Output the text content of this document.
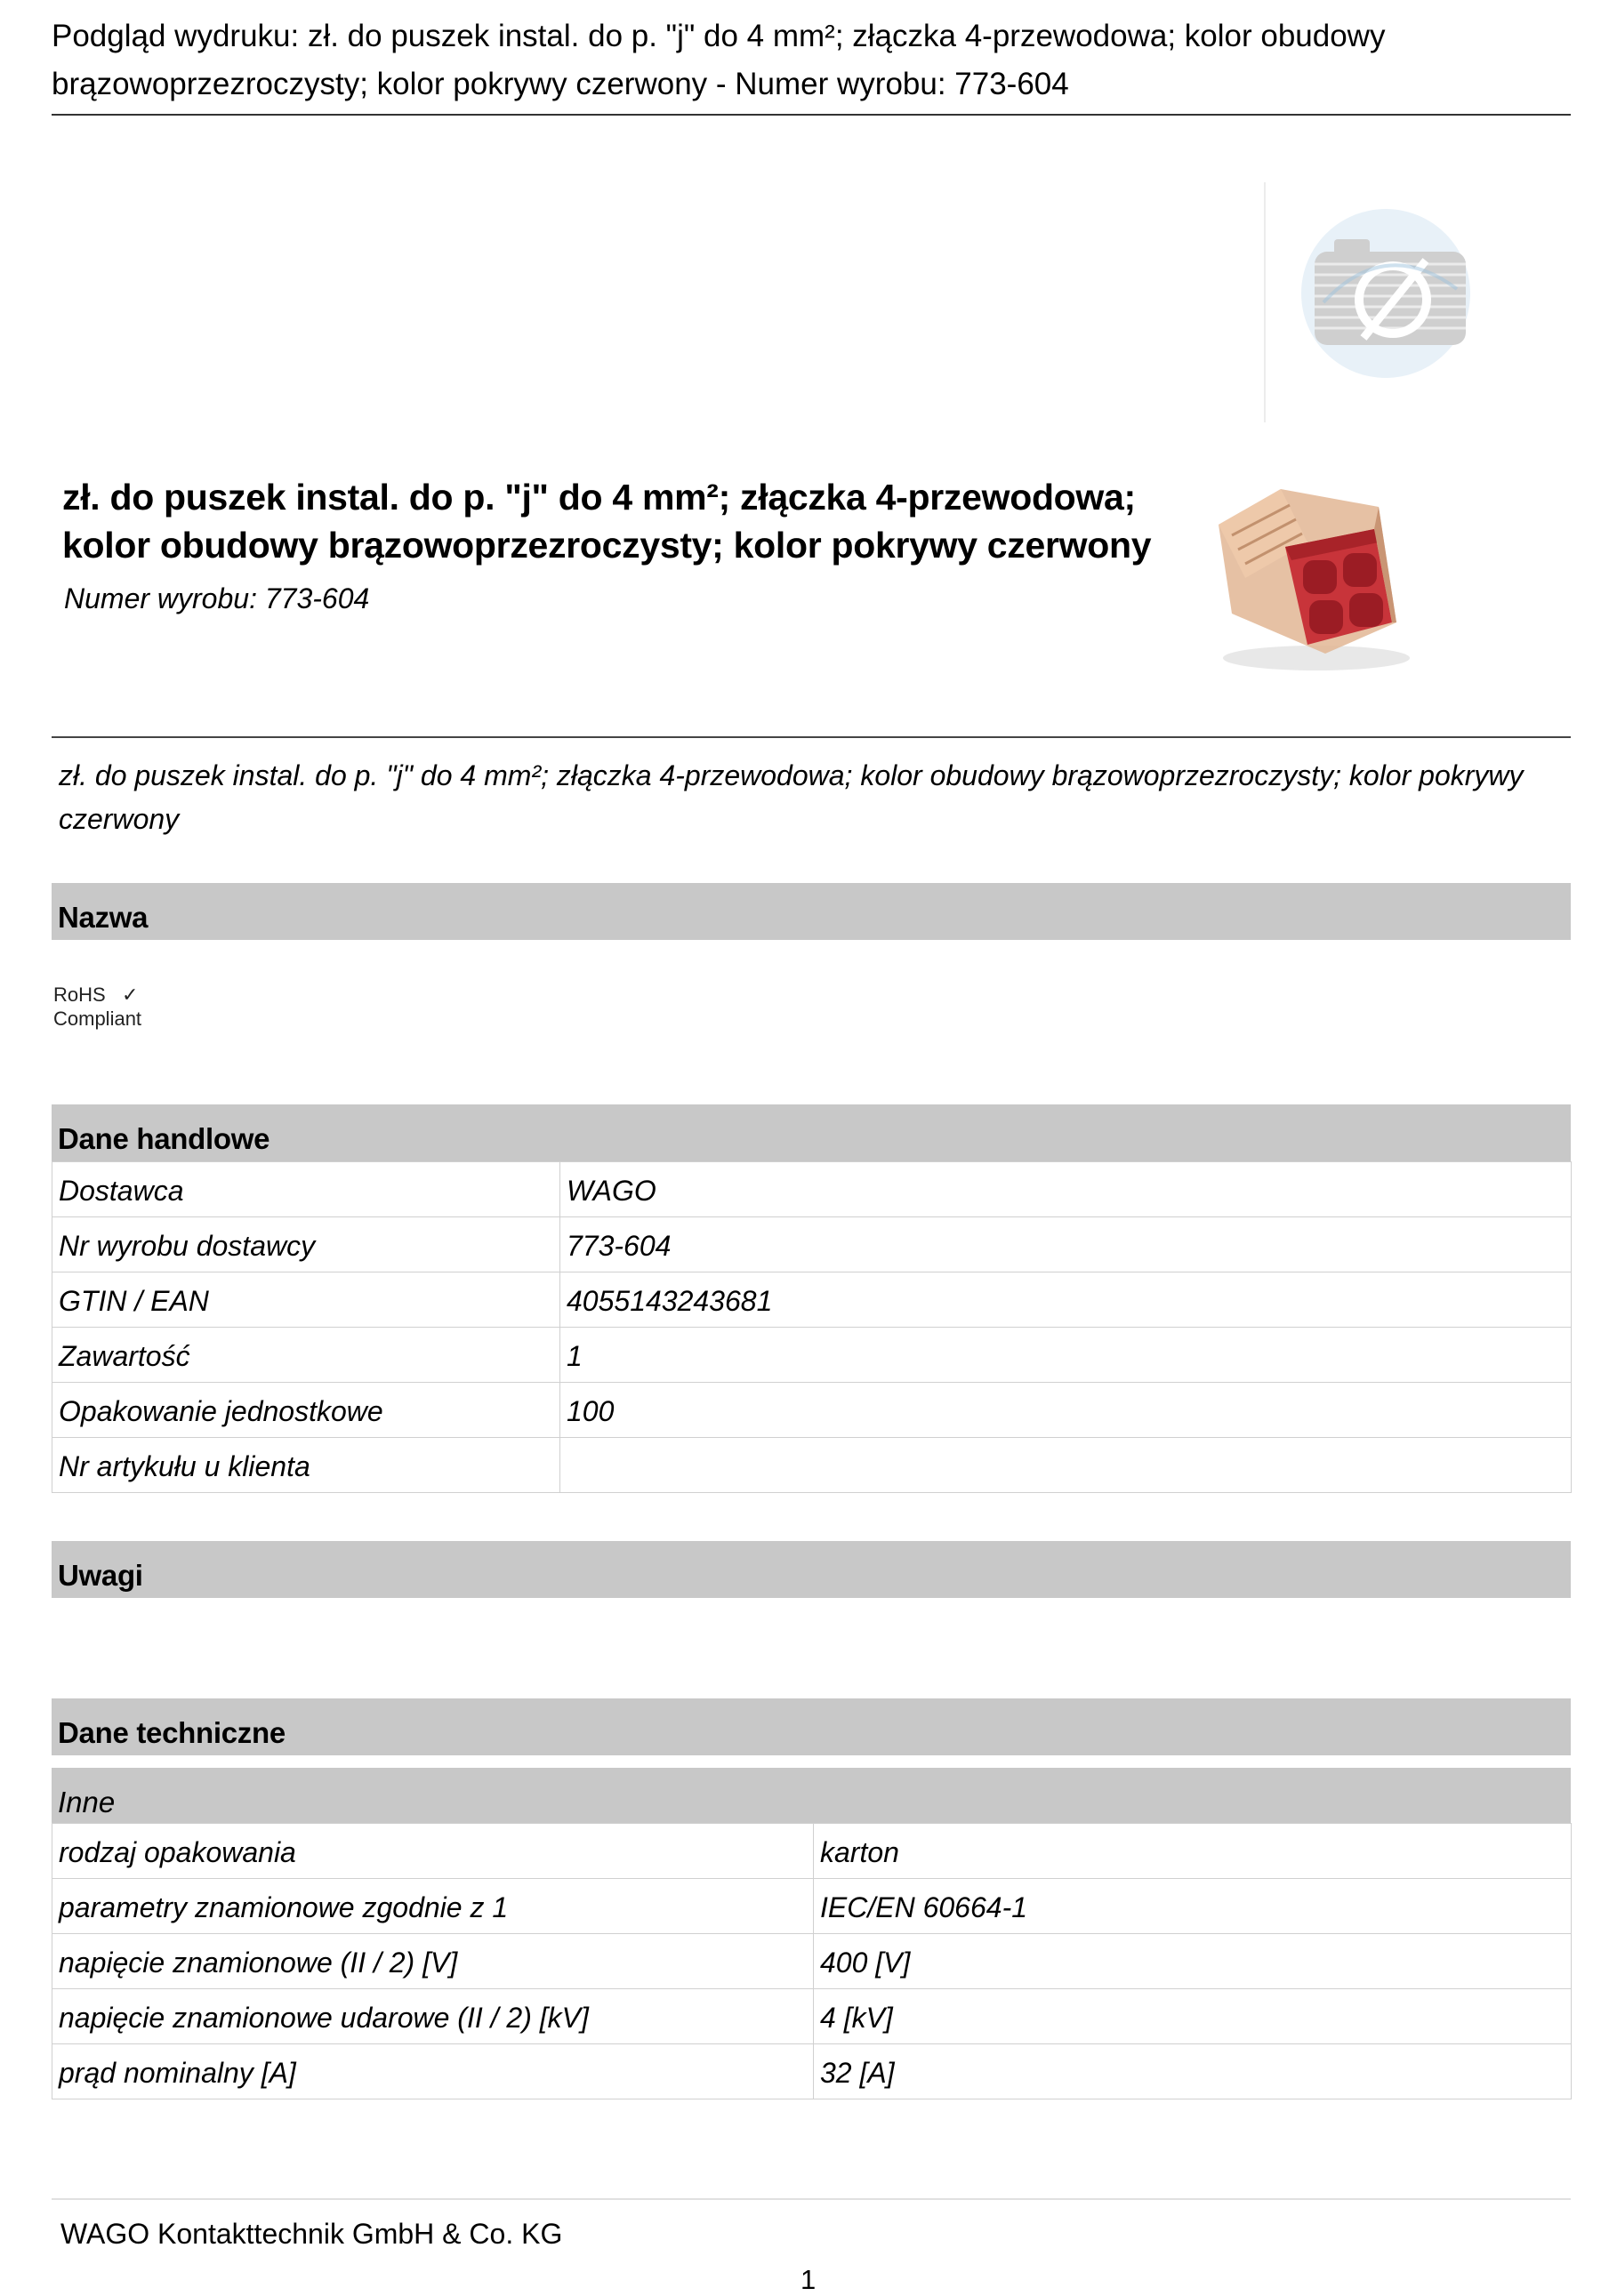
Podgląd wydruku: zł. do puszek instal. do p. "j" do 4 mm²; złączka 4-przewodowa; kolor obudowy brązowoprzezroczysty; kolor pokrywy czerwony - Numer wyrobu: 773-604
zł. do puszek instal. do p. "j" do 4 mm²; złączka 4-przewodowa; kolor obudowy brązowoprzezroczysty; kolor pokrywy czerwony
Numer wyrobu: 773-604
zł. do puszek instal. do p. "j" do 4 mm²; złączka 4-przewodowa; kolor obudowy brązowoprzezroczysty; kolor pokrywy czerwony
Nazwa
RoHS ✓
Compliant
Dane handlowe
Dostawca	WAGO
Nr wyrobu dostawcy	773-604
GTIN / EAN	4055143243681
Zawartość	1
Opakowanie jednostkowe	100
Nr artykułu u klienta	
Uwagi
Dane techniczne
Inne
rodzaj opakowania	karton
parametry znamionowe zgodnie z 1	IEC/EN 60664-1
napięcie znamionowe (II / 2) [V]	400 [V]
napięcie znamionowe udarowe (II / 2) [kV]	4 [kV]
prąd nominalny [A]	32 [A]
WAGO Kontakttechnik GmbH & Co. KG
1
